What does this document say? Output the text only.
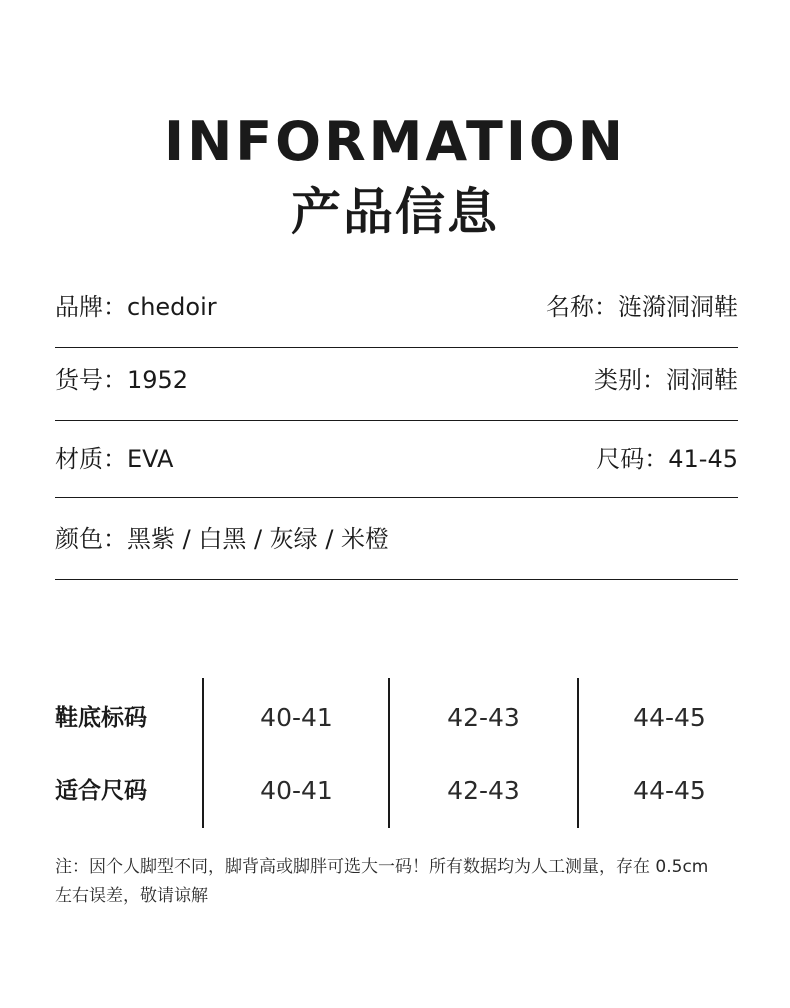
INFORMATION
产品信息
品牌：chedoir	名称：涟漪洞洞鞋
货号：1952	类别：洞洞鞋
材质：EVA	尺码：41-45
颜色：黑紫 / 白黑 / 灰绿 / 米橙
鞋底标码	40-41	42-43	44-45
适合尺码	40-41	42-43	44-45
注：因个人脚型不同，脚背高或脚胖可选大一码！所有数据均为人工测量，存在 0.5cm
左右误差，敬请谅解
